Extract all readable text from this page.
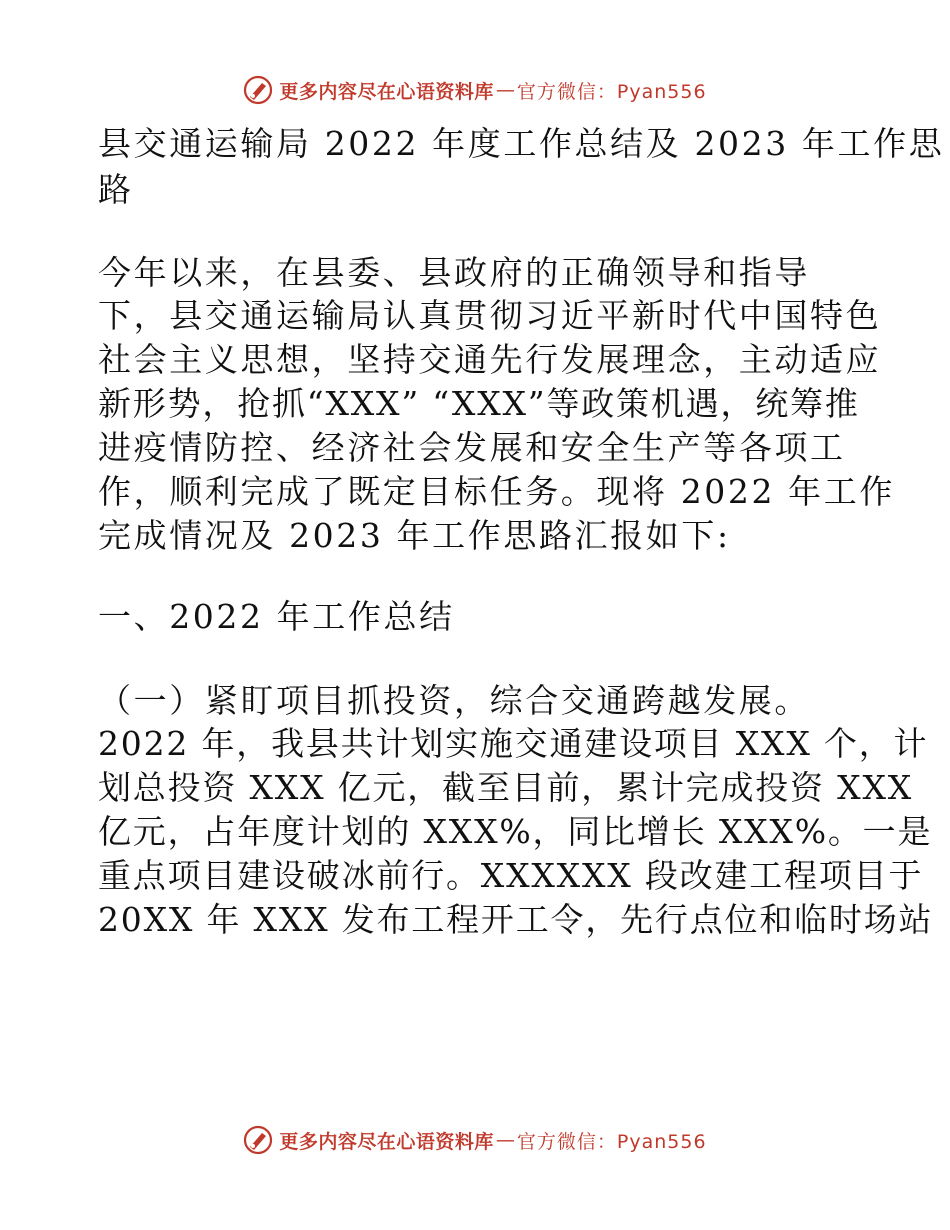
更多内容尽在心语资料库 — 官方微信：Pyan556
县交通运输局 2022 年度工作总结及 2023 年工作思
路
今年以来，在县委、县政府的正确领导和指导
下，县交通运输局认真贯彻习近平新时代中国特色
社会主义思想，坚持交通先行发展理念，主动适应
新形势，抢抓“XXX” “XXX”等政策机遇，统筹推
进疫情防控、经济社会发展和安全生产等各项工
作，顺利完成了既定目标任务。现将 2022 年工作
完成情况及 2023 年工作思路汇报如下:
一、2022 年工作总结
（一）紧盯项目抓投资，综合交通跨越发展。
2022 年，我县共计划实施交通建设项目 XXX 个，计
划总投资 XXX 亿元，截至目前，累计完成投资 XXX
亿元，占年度计划的 XXX%，同比增长 XXX%。一是
重点项目建设破冰前行。XXXXXX 段改建工程项目于
20XX 年 XXX 发布工程开工令，先行点位和临时场站
更多内容尽在心语资料库 — 官方微信：Pyan556
